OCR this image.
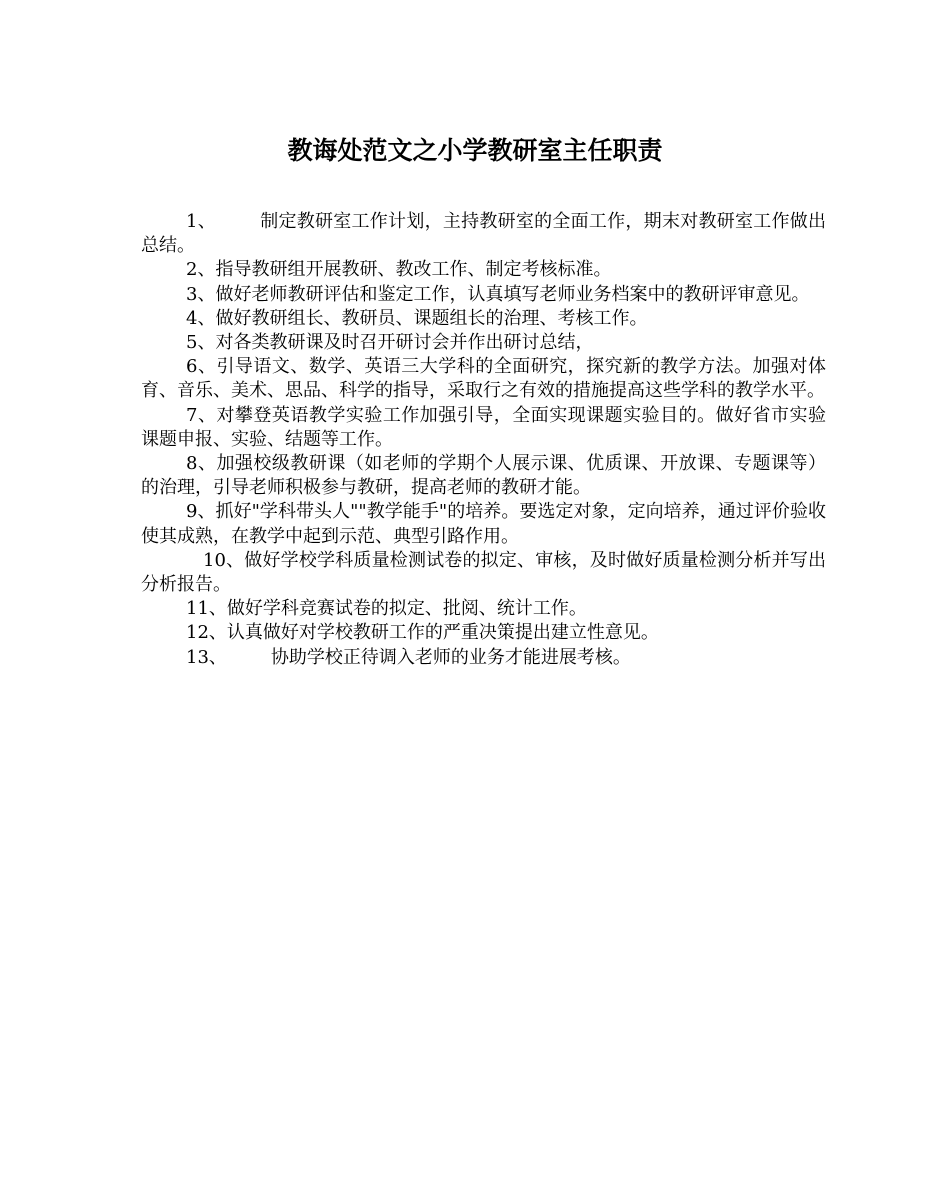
教诲处范文之小学教研室主任职责

1、 制定教研室工作计划，主持教研室的全面工作，期末对教研室工作做出总结。

2、指导教研组开展教研、教改工作、制定考核标准。

3、做好老师教研评估和鉴定工作，认真填写老师业务档案中的教研评审意见。

4、做好教研组长、教研员、课题组长的治理、考核工作。

5、对各类教研课及时召开研讨会并作出研讨总结，

6、引导语文、数学、英语三大学科的全面研究，探究新的教学方法。加强对体育、音乐、美术、思品、科学的指导，采取行之有效的措施提高这些学科的教学水平。

7、对攀登英语教学实验工作加强引导，全面实现课题实验目的。做好省市实验课题申报、实验、结题等工作。

8、加强校级教研课（如老师的学期个人展示课、优质课、开放课、专题课等）的治理，引导老师积极参与教研，提高老师的教研才能。

9、抓好"学科带头人""教学能手"的培养。要选定对象，定向培养，通过评价验收使其成熟，在教学中起到示范、典型引路作用。

10、做好学校学科质量检测试卷的拟定、审核，及时做好质量检测分析并写出分析报告。

11、做好学科竞赛试卷的拟定、批阅、统计工作。

12、认真做好对学校教研工作的严重决策提出建立性意见。

13、 协助学校正待调入老师的业务才能进展考核。
